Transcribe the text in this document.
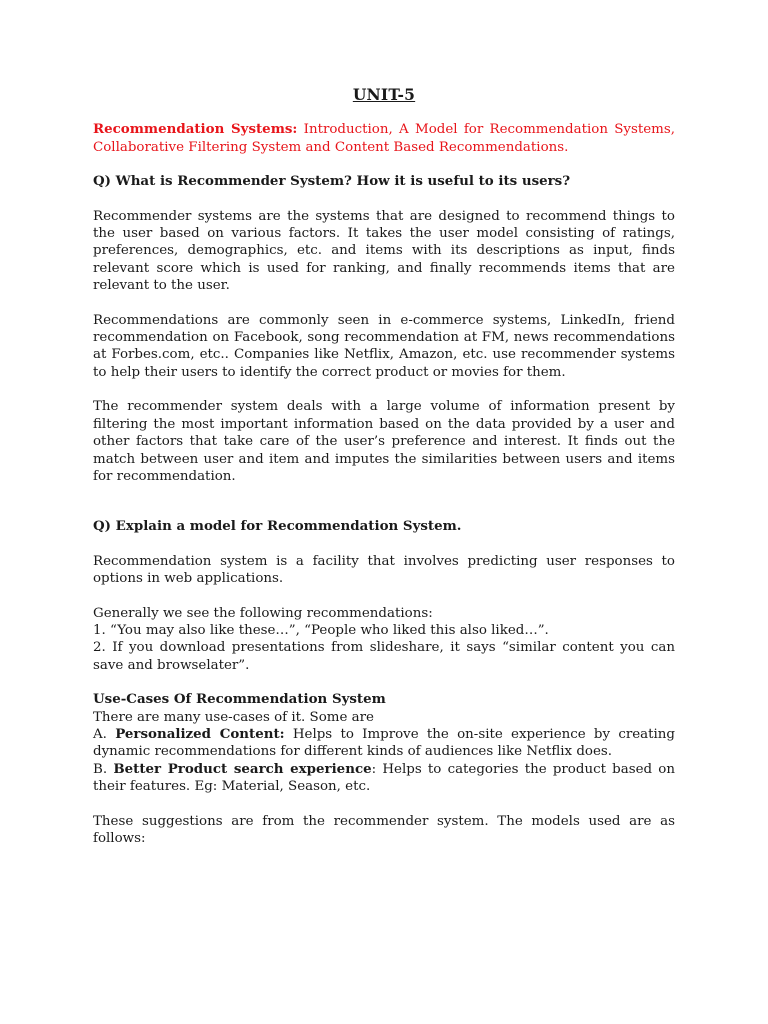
UNIT-5

Recommendation Systems: Introduction, A Model for Recommendation Systems, Collaborative Filtering System and Content Based Recommendations.

Q) What is Recommender System? How it is useful to its users?

Recommender systems are the systems that are designed to recommend things to the user based on various factors. It takes the user model consisting of ratings, preferences, demographics, etc. and items with its descriptions as input, finds relevant score which is used for ranking, and finally recommends items that are relevant to the user.

Recommendations are commonly seen in e-commerce systems, LinkedIn, friend recommendation on Facebook, song recommendation at FM, news recommendations at Forbes.com, etc.. Companies like Netflix, Amazon, etc. use recommender systems to help their users to identify the correct product or movies for them.

The recommender system deals with a large volume of information present by filtering the most important information based on the data provided by a user and other factors that take care of the user’s preference and interest. It finds out the match between user and item and imputes the similarities between users and items for recommendation.

Q) Explain a model for Recommendation System.

Recommendation system is a facility that involves predicting user responses to options in web applications.

Generally we see the following recommendations:

1. “You may also like these…”, “People who liked this also liked…”.

2. If you download presentations from slideshare, it says “similar content you can save and browselater”.

Use-Cases Of Recommendation System

There are many use-cases of it. Some are

A. Personalized Content: Helps to Improve the on-site experience by creating dynamic recommendations for different kinds of audiences like Netflix does.

B. Better Product search experience: Helps to categories the product based on their features. Eg: Material, Season, etc.

These suggestions are from the recommender system. The models used are as follows:
